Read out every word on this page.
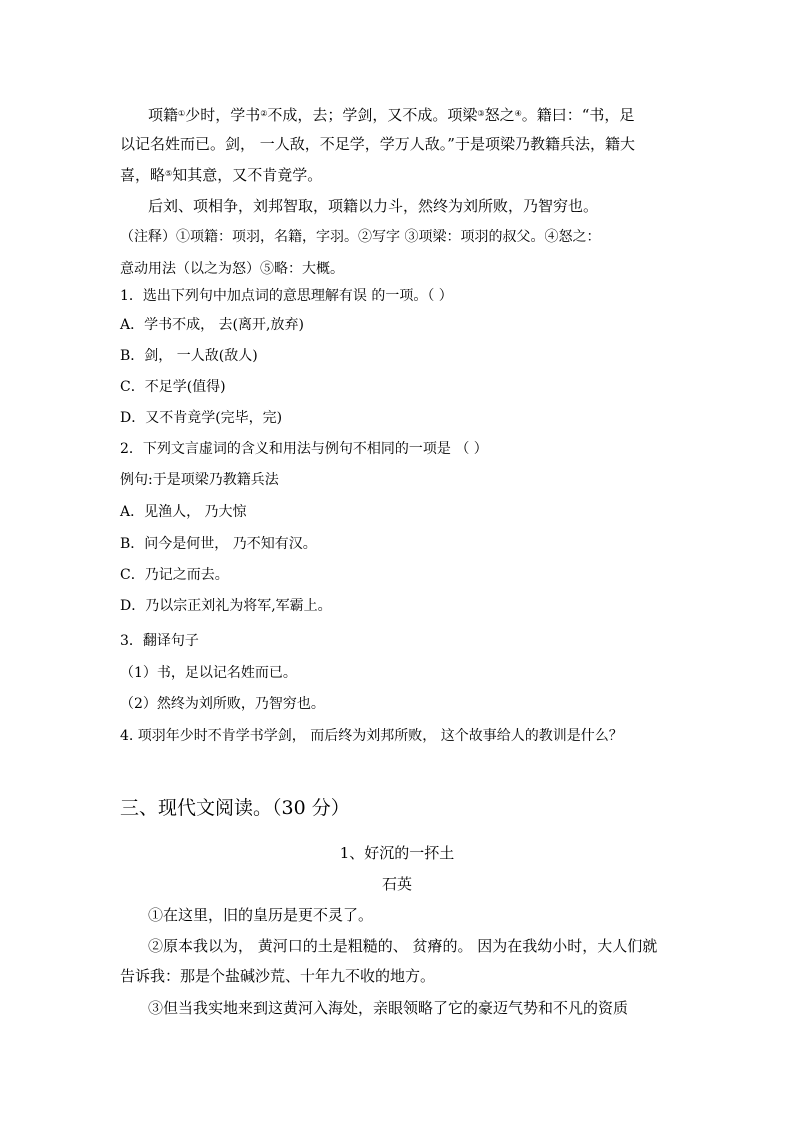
项籍①少时，学书②不成，去；学剑，又不成。项梁③怒之④。籍曰：“书，足
以记名姓而已。剑， 一人敌，不足学，学万人敌。”于是项梁乃教籍兵法，籍大
喜，略⑤知其意，又不肯竟学。
后刘、项相争，刘邦智取，项籍以力斗，然终为刘所败，乃智穷也。
（注释）①项籍：项羽，名籍，字羽。②写字 ③项梁：项羽的叔父。④怒之：
意动用法（以之为怒）⑤略：大概。
1．选出下列句中加点词的意思理解有误 的一项。（ ）
A．学书不成， 去(离开,放弃)
B．剑， 一人敌(敌人)
C．不足学(值得)
D．又不肯竟学(完毕，完)
2．下列文言虚词的含义和用法与例句不相同的一项是 （ ）
例句:于是项梁乃教籍兵法
A．见渔人， 乃大惊
B．问今是何世， 乃不知有汉。
C．乃记之而去。
D．乃以宗正刘礼为将军,军霸上。
3．翻译句子
（1）书，足以记名姓而已。
（2）然终为刘所败，乃智穷也。
4. 项羽年少时不肯学书学剑， 而后终为刘邦所败， 这个故事给人的教训是什么？
三、现代文阅读。（30 分）
1、好沉的一抔土
石英
①在这里，旧的皇历是更不灵了。
②原本我以为， 黄河口的土是粗糙的、 贫瘠的。 因为在我幼小时，大人们就
告诉我：那是个盐碱沙荒、十年九不收的地方。
③但当我实地来到这黄河入海处，亲眼领略了它的豪迈气势和不凡的资质
